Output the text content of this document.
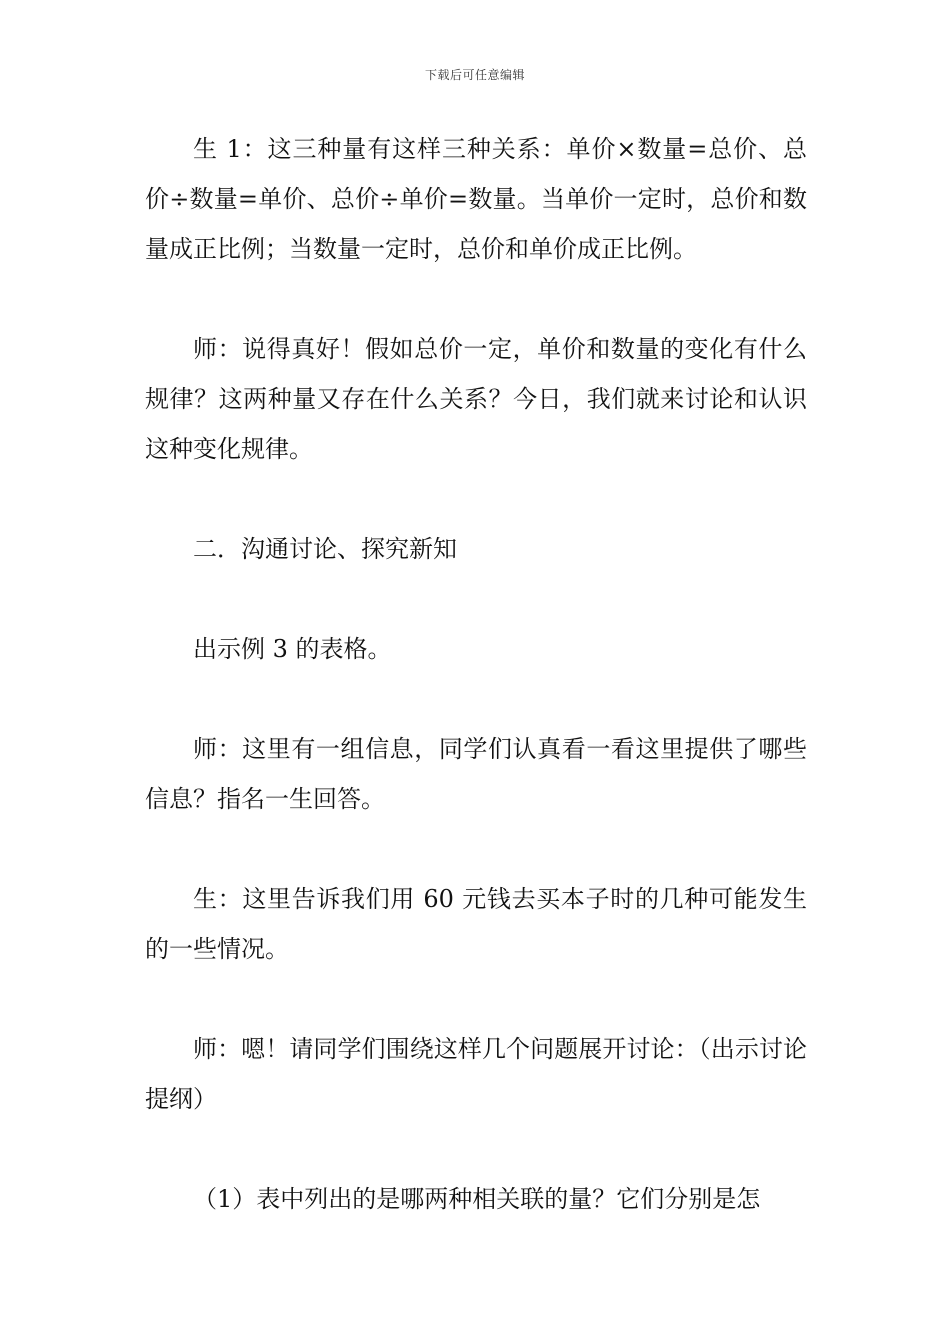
下载后可任意编辑

生 1：这三种量有这样三种关系：单价×数量=总价、总价÷数量=单价、总价÷单价=数量。当单价一定时，总价和数量成正比例；当数量一定时，总价和单价成正比例。

师：说得真好！假如总价一定，单价和数量的变化有什么规律？这两种量又存在什么关系？今日，我们就来讨论和认识这种变化规律。

二．沟通讨论、探究新知

出示例 3 的表格。

师：这里有一组信息，同学们认真看一看这里提供了哪些信息？指名一生回答。

生：这里告诉我们用 60 元钱去买本子时的几种可能发生的一些情况。

师：嗯！请同学们围绕这样几个问题展开讨论：（出示讨论提纲）

（1）表中列出的是哪两种相关联的量？它们分别是怎
